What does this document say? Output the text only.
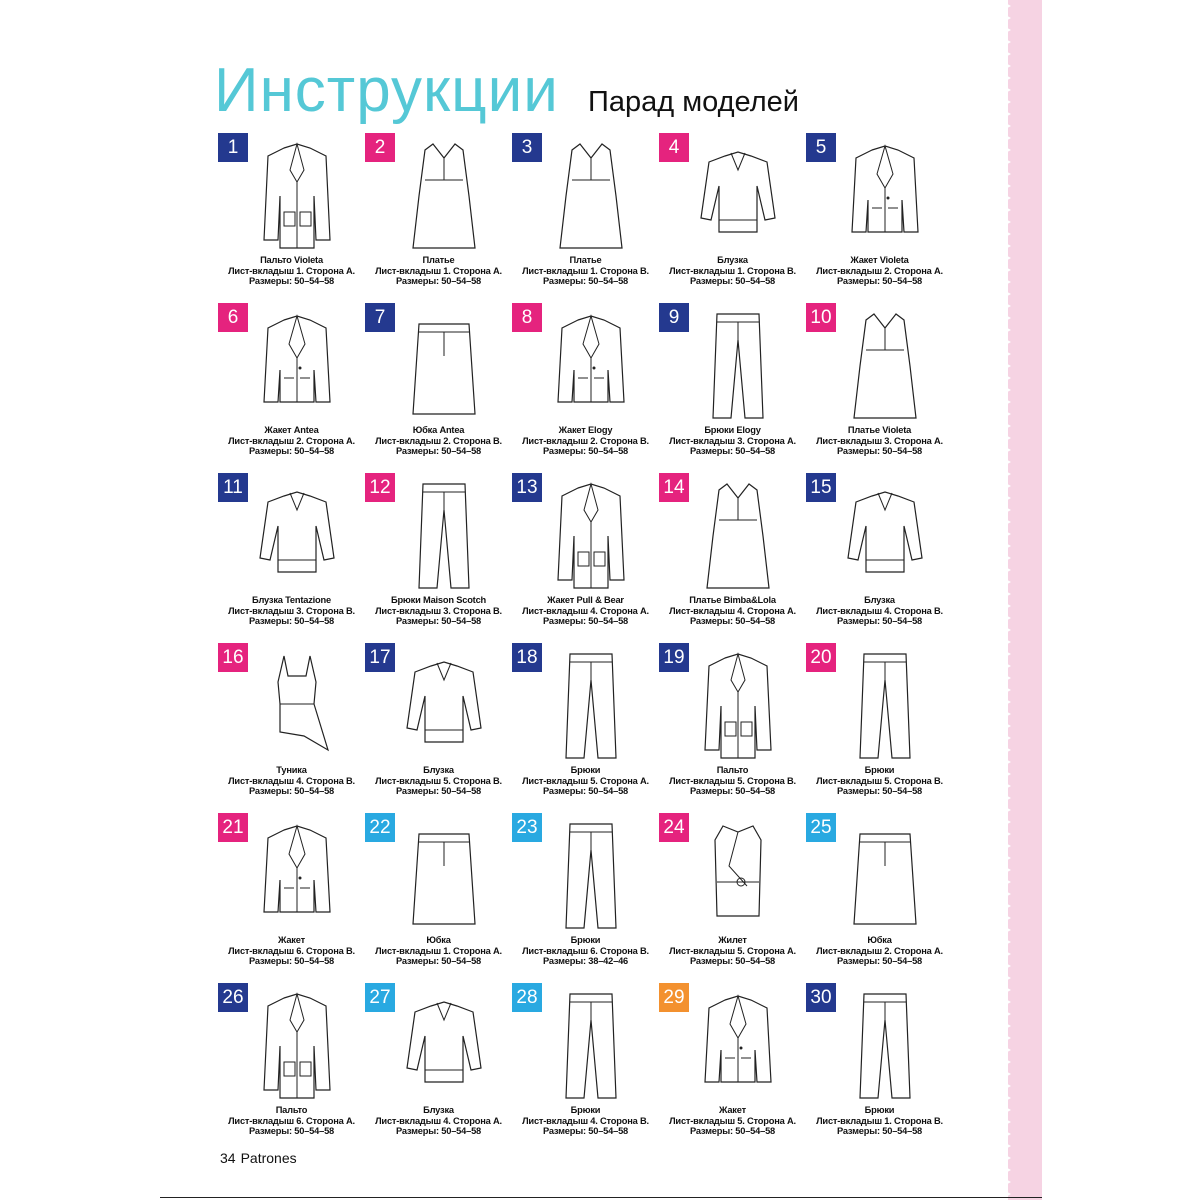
Инструкции Парад моделей
1
Пальто Violeta
Лист-вкладыш 1. Сторона А.
Размеры: 50–54–58
2
Платье
Лист-вкладыш 1. Сторона А.
Размеры: 50–54–58
3
Платье
Лист-вкладыш 1. Сторона В.
Размеры: 50–54–58
4
Блузка
Лист-вкладыш 1. Сторона В.
Размеры: 50–54–58
5
Жакет Violeta
Лист-вкладыш 2. Сторона А.
Размеры: 50–54–58
6
Жакет Antea
Лист-вкладыш 2. Сторона А.
Размеры: 50–54–58
7
Юбка Antea
Лист-вкладыш 2. Сторона В.
Размеры: 50–54–58
8
Жакет Elogy
Лист-вкладыш 2. Сторона В.
Размеры: 50–54–58
9
Брюки Elogy
Лист-вкладыш 3. Сторона А.
Размеры: 50–54–58
10
Платье Violeta
Лист-вкладыш 3. Сторона А.
Размеры: 50–54–58
11
Блузка Tentazione
Лист-вкладыш 3. Сторона В.
Размеры: 50–54–58
12
Брюки Maison Scotch
Лист-вкладыш 3. Сторона В.
Размеры: 50–54–58
13
Жакет Pull & Bear
Лист-вкладыш 4. Сторона А.
Размеры: 50–54–58
14
Платье Bimba&Lola
Лист-вкладыш 4. Сторона А.
Размеры: 50–54–58
15
Блузка
Лист-вкладыш 4. Сторона В.
Размеры: 50–54–58
16
Туника
Лист-вкладыш 4. Сторона В.
Размеры: 50–54–58
17
Блузка
Лист-вкладыш 5. Сторона В.
Размеры: 50–54–58
18
Брюки
Лист-вкладыш 5. Сторона А.
Размеры: 50–54–58
19
Пальто
Лист-вкладыш 5. Сторона В.
Размеры: 50–54–58
20
Брюки
Лист-вкладыш 5. Сторона В.
Размеры: 50–54–58
21
Жакет
Лист-вкладыш 6. Сторона В.
Размеры: 50–54–58
22
Юбка
Лист-вкладыш 1. Сторона А.
Размеры: 50–54–58
23
Брюки
Лист-вкладыш 6. Сторона В.
Размеры: 38–42–46
24
Жилет
Лист-вкладыш 5. Сторона А.
Размеры: 50–54–58
25
Юбка
Лист-вкладыш 2. Сторона А.
Размеры: 50–54–58
26
Пальто
Лист-вкладыш 6. Сторона А.
Размеры: 50–54–58
27
Блузка
Лист-вкладыш 4. Сторона А.
Размеры: 50–54–58
28
Брюки
Лист-вкладыш 4. Сторона В.
Размеры: 50–54–58
29
Жакет
Лист-вкладыш 5. Сторона А.
Размеры: 50–54–58
30
Брюки
Лист-вкладыш 1. Сторона В.
Размеры: 50–54–58
34 Patrones
